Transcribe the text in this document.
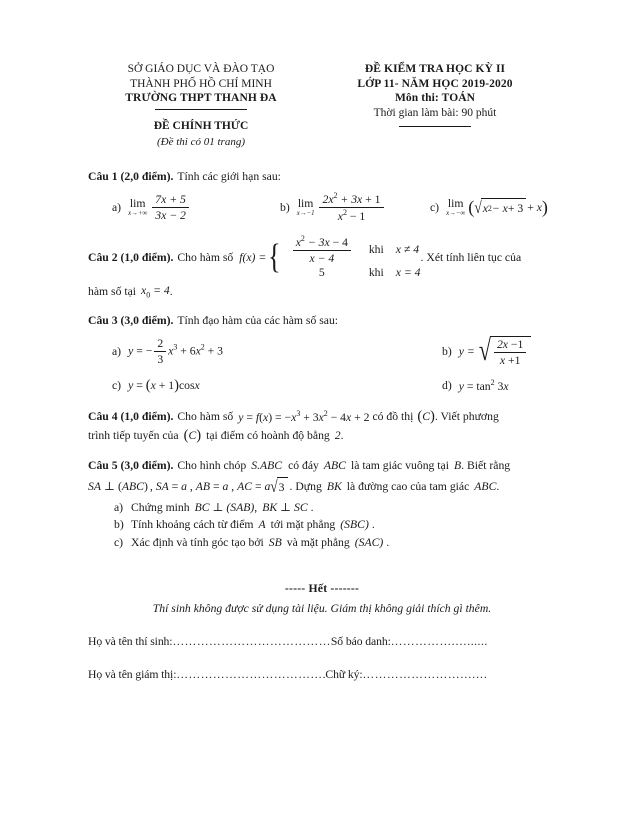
SỞ GIÁO DỤC VÀ ĐÀO TẠO
THÀNH PHỐ HỒ CHÍ MINH
TRƯỜNG THPT THANH ĐA
ĐỀ CHÍNH THỨC
(Đề thi có 01 trang)
ĐỀ KIỂM TRA HỌC KỲ II
LỚP 11- NĂM HỌC 2019-2020
Môn thi: TOÁN
Thời gian làm bài: 90 phút
Câu 1 (2,0 điểm). Tính các giới hạn sau:
a) lim
$x\to+\infty \frac{7x + 5}{3x - 2}$	b) lim
$x\to-1 \frac{2x^2 + 3x + 1}{x^2 - 1}$	c) lim
x→−∞ ( √ x 2 − x + 3 + x )
Câu 2 (1,0 điểm). Cho hàm số f(x) = { $\frac{x^2 - 3x - 4}{x - 4}$ khi x ≠ 4
5	khi x = 4
. Xét tính liên tục của
hàm số tại $x_0 = 4$ .
Câu 3 (3,0 điểm). Tính đạo hàm của các hàm số sau:
a) y = − $\frac{2}{3} x^3 + 6x^2 + 3$	b) y = √ $\frac{2x -1}{x +1}$
c) y = (x + 1)cosx	d) $y = \tan^2 3x$
Câu 4 (1,0 điểm). Cho hàm số $y = f(x) = -x^3 + 3x^2 - 4x + 2$ có đồ thị (C) . Viết phương
trình tiếp tuyến của (C) tại điểm có hoành độ bằng 2 .
Câu 5 (3,0 điểm). Cho hình chóp S.ABC có đáy ABC là tam giác vuông tại B . Biết rằng
SA ⊥ (ABC) , SA = a , AB = a , AC = a √ 3 . Dựng BK là đường cao của tam giác ABC .
a) Chứng minh BC ⊥ (SAB) , BK ⊥ SC .
b) Tính khoảng cách từ điểm A tới mặt phẳng (SBC) .
c) Xác định và tính góc tạo bởi SB và mặt phẳng (SAC) .
----- Hết -------
Thí sinh không được sử dụng tài liệu. Giám thị không giải thích gì thêm.
Họ và tên thí sinh:…………………………………Số báo danh:…………….…......
Họ và tên giám thị:……………………………….Chữ ký:……………………….…
